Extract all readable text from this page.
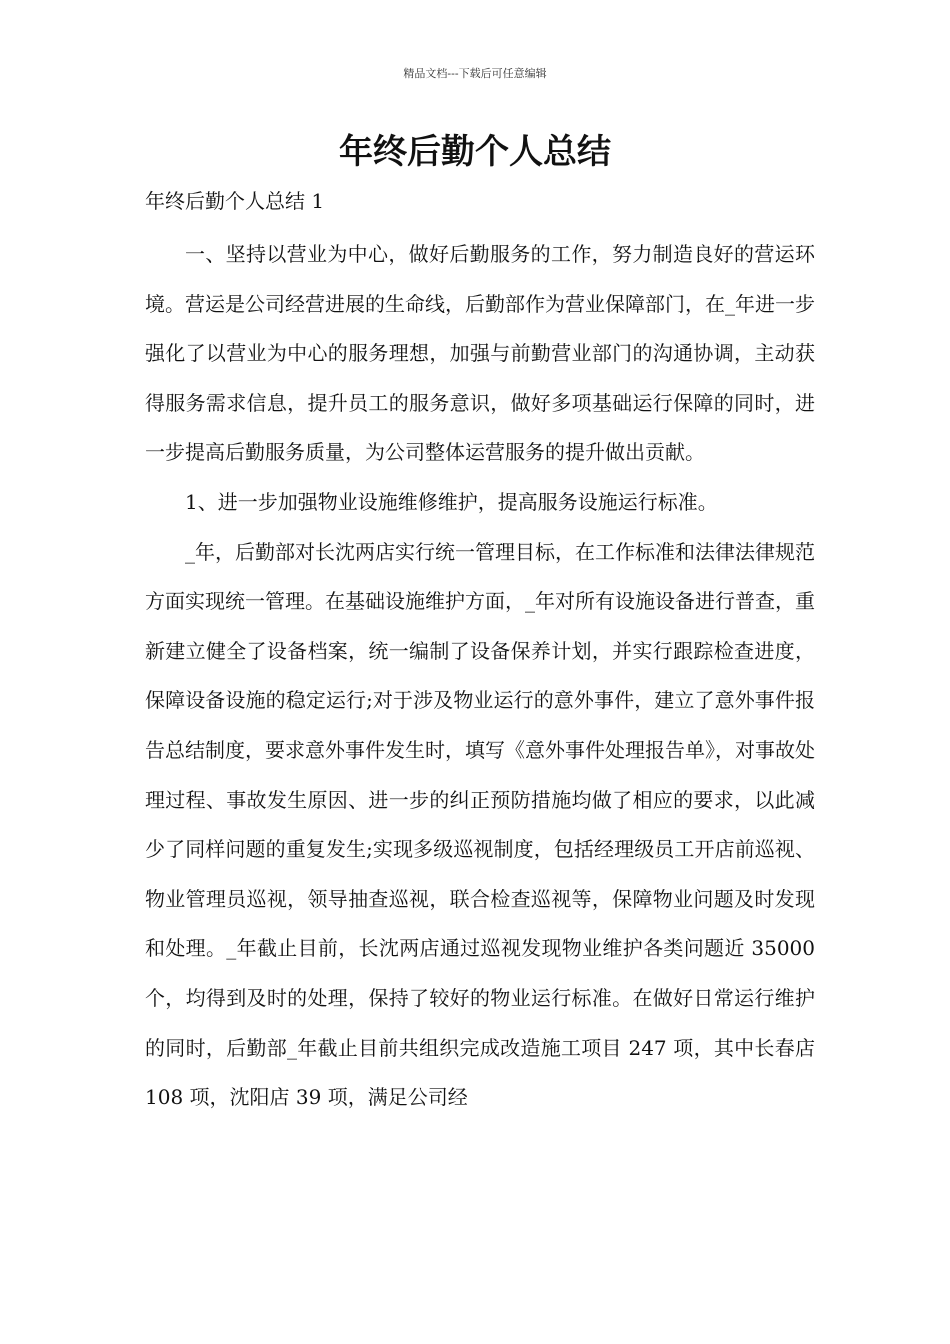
精品文档---下载后可任意编辑
年终后勤个人总结
年终后勤个人总结 1

一、坚持以营业为中心，做好后勤服务的工作，努力制造良好的营运环境。营运是公司经营进展的生命线，后勤部作为营业保障部门，在_年进一步强化了以营业为中心的服务理想，加强与前勤营业部门的沟通协调，主动获得服务需求信息，提升员工的服务意识，做好多项基础运行保障的同时，进一步提高后勤服务质量，为公司整体运营服务的提升做出贡献。

1、进一步加强物业设施维修维护，提高服务设施运行标准。

_年，后勤部对长沈两店实行统一管理目标，在工作标准和法律法律规范方面实现统一管理。在基础设施维护方面，_年对所有设施设备进行普查，重新建立健全了设备档案，统一编制了设备保养计划，并实行跟踪检查进度，保障设备设施的稳定运行;对于涉及物业运行的意外事件，建立了意外事件报告总结制度，要求意外事件发生时，填写《意外事件处理报告单》，对事故处理过程、事故发生原因、进一步的纠正预防措施均做了相应的要求，以此减少了同样问题的重复发生;实现多级巡视制度，包括经理级员工开店前巡视、物业管理员巡视，领导抽查巡视，联合检查巡视等，保障物业问题及时发现和处理。_年截止目前，长沈两店通过巡视发现物业维护各类问题近 35000 个，均得到及时的处理，保持了较好的物业运行标准。在做好日常运行维护的同时，后勤部_年截止目前共组织完成改造施工项目 247 项，其中长春店 108 项，沈阳店 39 项，满足公司经
